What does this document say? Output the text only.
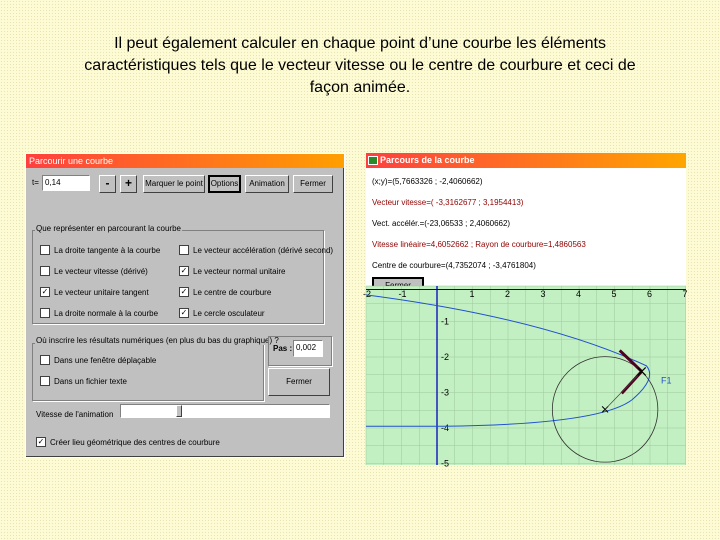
Il peut également calculer en chaque point d’une courbe les éléments
caractéristiques tels que le vecteur vitesse ou le centre de courbure et ceci de
façon animée.
Parcourir une courbe
t= 0,14	-	+	Marquer le point Options	Animation	Fermer
Que représenter en parcourant la courbe
La droite tangente à la courbe	Le vecteur accélération (dérivé second)
Le vecteur vitesse (dérivé)	✓ Le vecteur normal unitaire
✓ Le vecteur unitaire tangent	✓ Le centre de courbure
La droite normale à la courbe	✓ Le cercle osculateur
Où inscrire les résultats numériques (en plus du bas du graphique) ?
Dans une fenêtre déplaçable
Dans un fichier texte
Pas : 0,002
Fermer
Vitesse de l'animation
✓ Créer lieu géométrique des centres de courbure
Parcours de la courbe
(x;y)=(5,7663326 ; -2,4060662)
Vecteur vitesse=( -3,3162677 ; 3,1954413)
Vect. accélér.=(-23,06533 ; 2,4060662)
Vitesse linéaire=4,6052662 ; Rayon de courbure=1,4860563
Centre de courbure=(4,7352074 ; -3,4761804)
-2	-1	1	2	3	4	5	6	7
-1
-2
-3
-4
-5
F1
